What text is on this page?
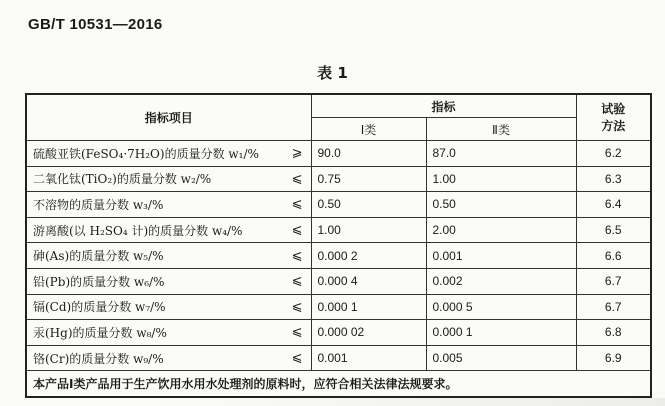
GB/T 10531—2016
表 1
指标项目	指标		试验
方法

	Ⅰ类	Ⅱ类	
硫酸亚铁(FeSO₄·7H₂O)的质量分数 w₁/% ⩾	90.0	87.0	6.2
二氧化钛(TiO₂)的质量分数 w₂/% ⩽	0.75	1.00	6.3
不溶物的质量分数 w₃/% ⩽	0.50	0.50	6.4
游离酸(以 H₂SO₄ 计)的质量分数 w₄/% ⩽	1.00	2.00	6.5
砷(As)的质量分数 w₅/% ⩽	0.000 2	0.001	6.6
铅(Pb)的质量分数 w₆/% ⩽	0.000 4	0.002	6.7
镉(Cd)的质量分数 w₇/% ⩽	0.000 1	0.000 5	6.7
汞(Hg)的质量分数 w₈/% ⩽	0.000 02	0.000 1	6.8
铬(Cr)的质量分数 w₉/% ⩽	0.001	0.005	6.9
本产品Ⅰ类产品用于生产饮用水用水处理剂的原料时，应符合相关法律法规要求。			
